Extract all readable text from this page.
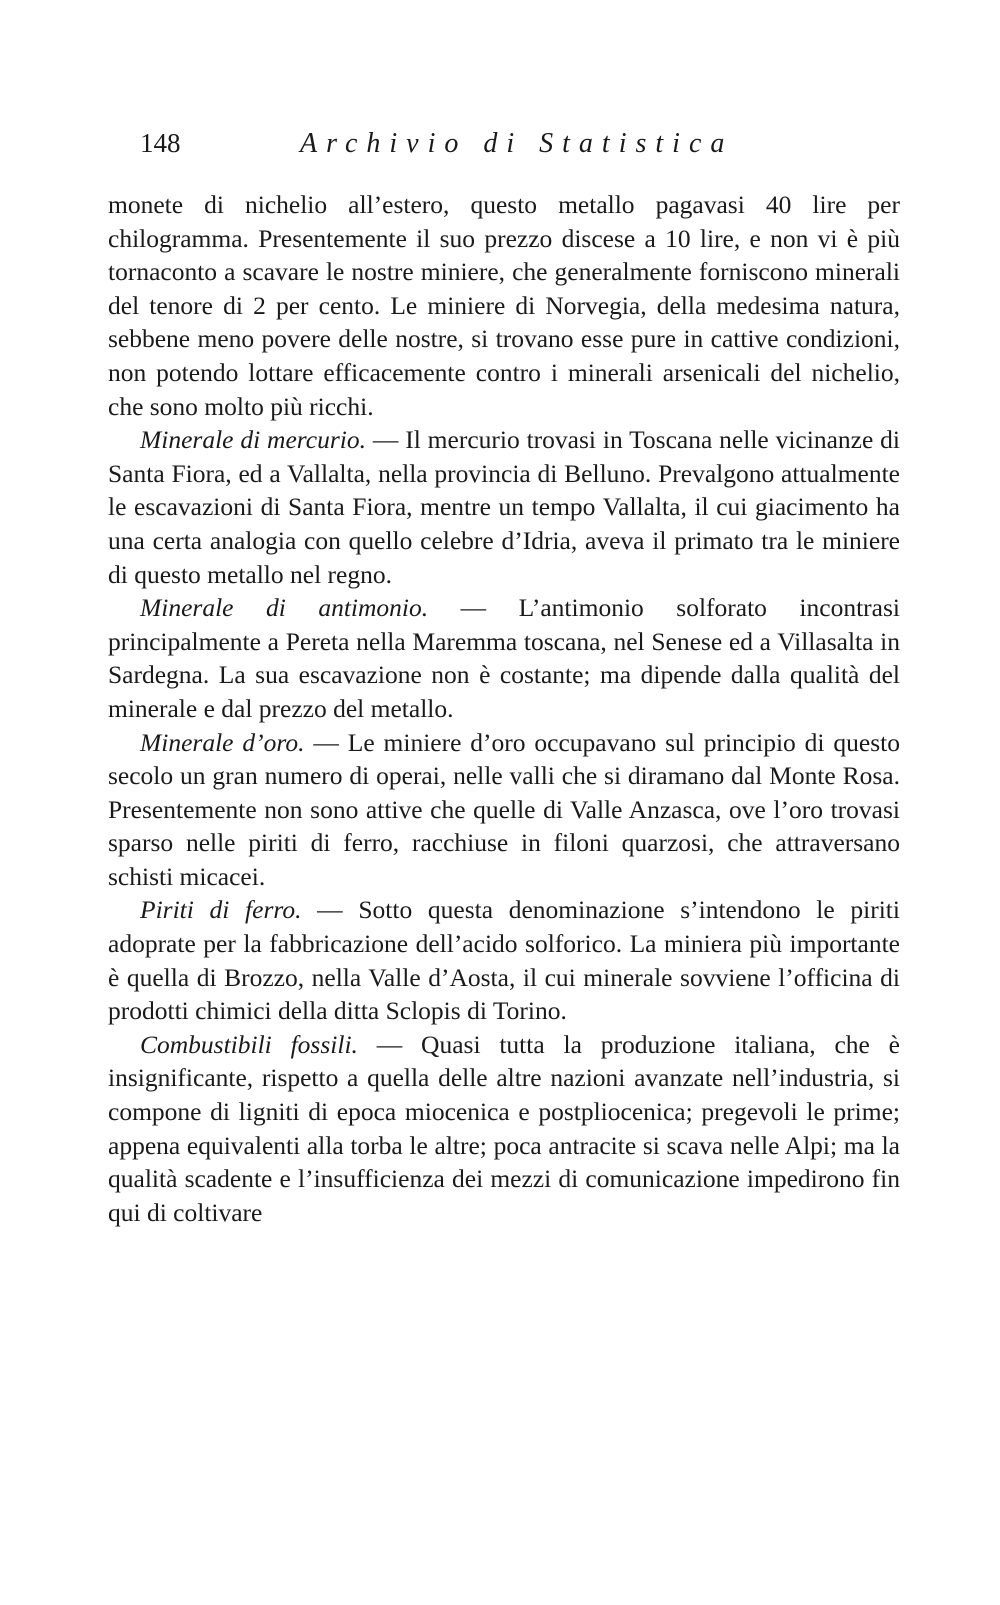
148	Archivio di Statistica

monete di nichelio all’estero, questo metallo pagavasi 40 lire per chilogramma. Presentemente il suo prezzo discese a 10 lire, e non vi è più tornaconto a scavare le nostre miniere, che generalmente forniscono minerali del tenore di 2 per cento. Le miniere di Norvegia, della medesima natura, sebbene meno povere delle nostre, si trovano esse pure in cattive condizioni, non potendo lottare efficacemente contro i minerali arsenicali del nichelio, che sono molto più ricchi.

Minerale di mercurio. — Il mercurio trovasi in Toscana nelle vicinanze di Santa Fiora, ed a Vallalta, nella provincia di Belluno. Prevalgono attualmente le escavazioni di Santa Fiora, mentre un tempo Vallalta, il cui giacimento ha una certa analogia con quello celebre d’Idria, aveva il primato tra le miniere di questo metallo nel regno.

Minerale di antimonio. — L’antimonio solforato incontrasi principalmente a Pereta nella Maremma toscana, nel Senese ed a Villasalta in Sardegna. La sua escavazione non è costante; ma dipende dalla qualità del minerale e dal prezzo del metallo.

Minerale d’oro. — Le miniere d’oro occupavano sul principio di questo secolo un gran numero di operai, nelle valli che si diramano dal Monte Rosa. Presentemente non sono attive che quelle di Valle Anzasca, ove l’oro trovasi sparso nelle piriti di ferro, racchiuse in filoni quarzosi, che attraversano schisti micacei.

Piriti di ferro. — Sotto questa denominazione s’intendono le piriti adoprate per la fabbricazione dell’acido solforico. La miniera più importante è quella di Brozzo, nella Valle d’Aosta, il cui minerale sovviene l’officina di prodotti chimici della ditta Sclopis di Torino.

Combustibili fossili. — Quasi tutta la produzione italiana, che è insignificante, rispetto a quella delle altre nazioni avanzate nell’industria, si compone di ligniti di epoca miocenica e postpliocenica; pregevoli le prime; appena equivalenti alla torba le altre; poca antracite si scava nelle Alpi; ma la qualità scadente e l’insufficienza dei mezzi di comunicazione impedirono fin qui di coltivare
